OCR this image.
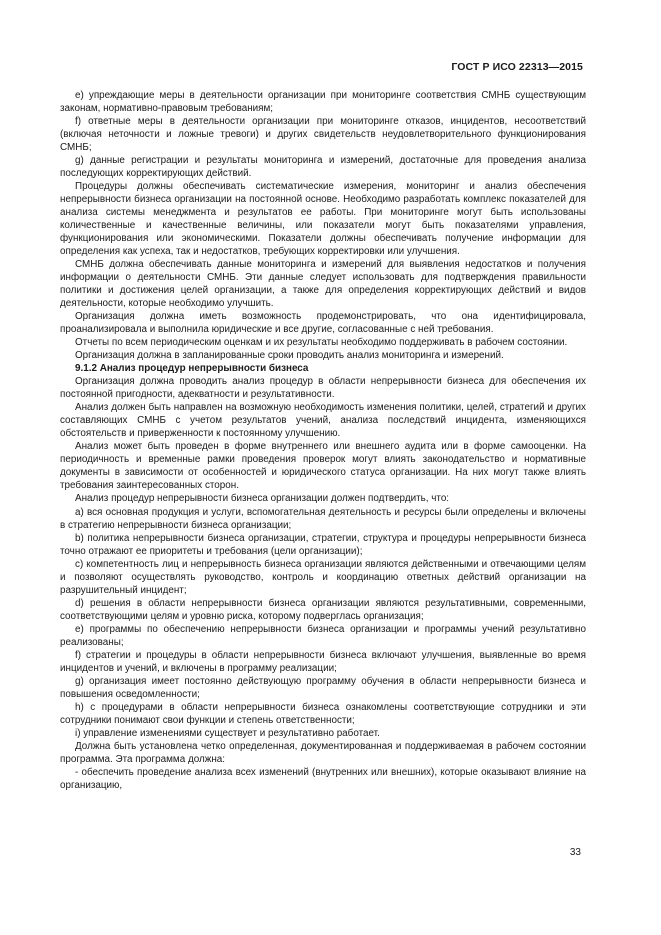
ГОСТ Р ИСО 22313—2015

e) упреждающие меры в деятельности организации при мониторинге соответствия СМНБ существующим законам, нормативно-правовым требованиям;

f) ответные меры в деятельности организации при мониторинге отказов, инцидентов, несоответствий (включая неточности и ложные тревоги) и других свидетельств неудовлетворительного функционирования СМНБ;

g) данные регистрации и результаты мониторинга и измерений, достаточные для проведения анализа последующих корректирующих действий.

Процедуры должны обеспечивать систематические измерения, мониторинг и анализ обеспечения непрерывности бизнеса организации на постоянной основе. Необходимо разработать комплекс показателей для анализа системы менеджмента и результатов ее работы. При мониторинге могут быть использованы количественные и качественные величины, или показатели могут быть показателями управления, функционирования или экономическими. Показатели должны обеспечивать получение информации для определения как успеха, так и недостатков, требующих корректировки или улучшения.

СМНБ должна обеспечивать данные мониторинга и измерений для выявления недостатков и получения информации о деятельности СМНБ. Эти данные следует использовать для подтверждения правильности политики и достижения целей организации, а также для определения корректирующих действий и видов деятельности, которые необходимо улучшить.

Организация должна иметь возможность продемонстрировать, что она идентифицировала, проанализировала и выполнила юридические и все другие, согласованные с ней требования.

Отчеты по всем периодическим оценкам и их результаты необходимо поддерживать в рабочем состоянии.

Организация должна в запланированные сроки проводить анализ мониторинга и измерений.

9.1.2 Анализ процедур непрерывности бизнеса

Организация должна проводить анализ процедур в области непрерывности бизнеса для обеспечения их постоянной пригодности, адекватности и результативности.

Анализ должен быть направлен на возможную необходимость изменения политики, целей, стратегий и других составляющих СМНБ с учетом результатов учений, анализа последствий инцидента, изменяющихся обстоятельств и приверженности к постоянному улучшению.

Анализ может быть проведен в форме внутреннего или внешнего аудита или в форме самооценки. На периодичность и временные рамки проведения проверок могут влиять законодательство и нормативные документы в зависимости от особенностей и юридического статуса организации. На них могут также влиять требования заинтересованных сторон.

Анализ процедур непрерывности бизнеса организации должен подтвердить, что:

a) вся основная продукция и услуги, вспомогательная деятельность и ресурсы были определены и включены в стратегию непрерывности бизнеса организации;

b) политика непрерывности бизнеса организации, стратегии, структура и процедуры непрерывности бизнеса точно отражают ее приоритеты и требования (цели организации);

c) компетентность лиц и непрерывность бизнеса организации являются действенными и отвечающими целям и позволяют осуществлять руководство, контроль и координацию ответных действий организации на разрушительный инцидент;

d) решения в области непрерывности бизнеса организации являются результативными, современными, соответствующими целям и уровню риска, которому подверглась организация;

e) программы по обеспечению непрерывности бизнеса организации и программы учений результативно реализованы;

f) стратегии и процедуры в области непрерывности бизнеса включают улучшения, выявленные во время инцидентов и учений, и включены в программу реализации;

g) организация имеет постоянно действующую программу обучения в области непрерывности бизнеса и повышения осведомленности;

h) с процедурами в области непрерывности бизнеса ознакомлены соответствующие сотрудники и эти сотрудники понимают свои функции и степень ответственности;

i) управление изменениями существует и результативно работает.

Должна быть установлена четко определенная, документированная и поддерживаемая в рабочем состоянии программа. Эта программа должна:

- обеспечить проведение анализа всех изменений (внутренних или внешних), которые оказывают влияние на организацию,

33
